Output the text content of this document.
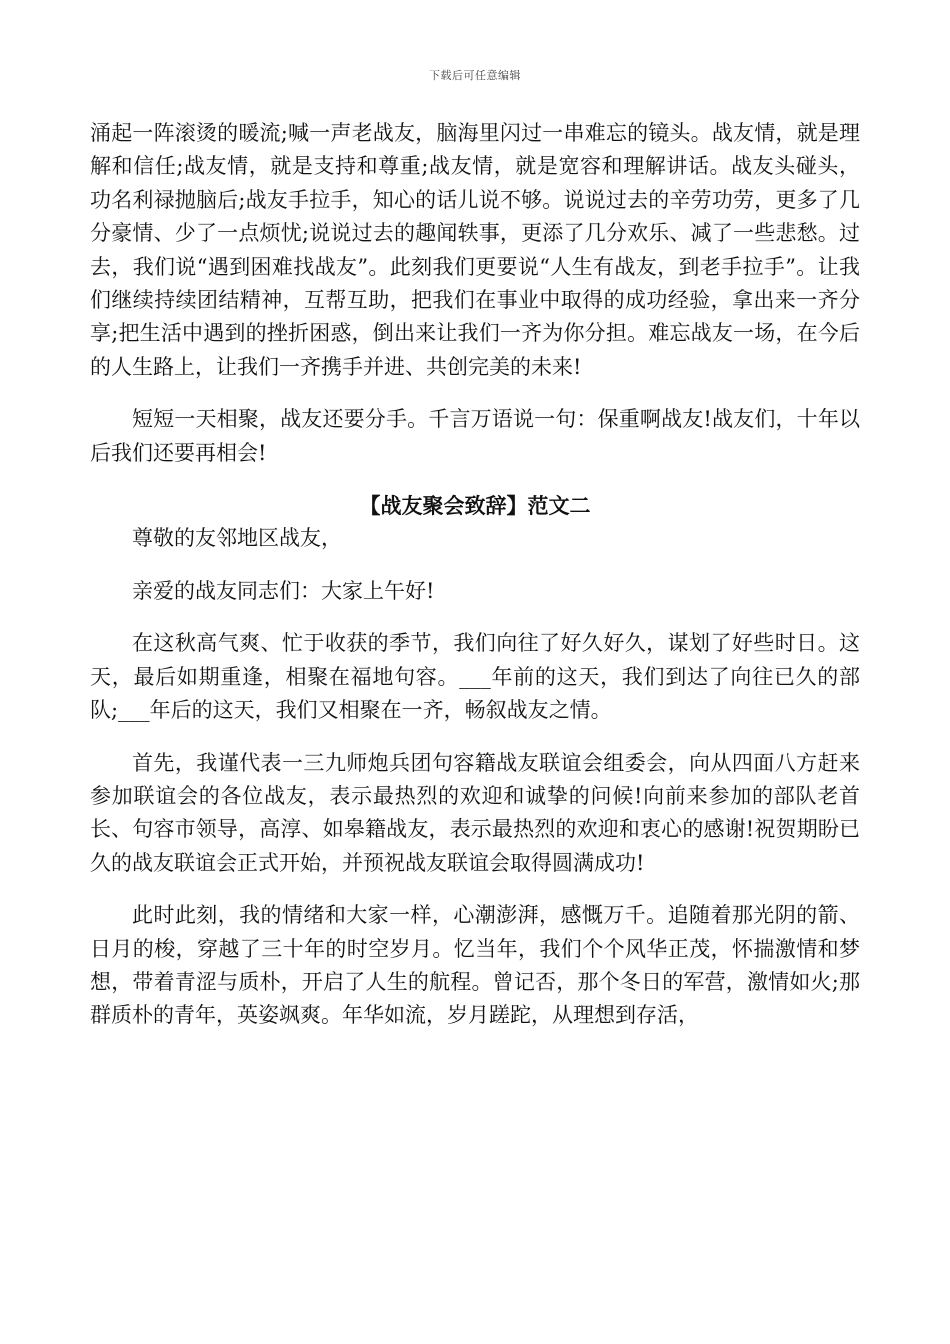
下载后可任意编辑

涌起一阵滚烫的暖流;喊一声老战友，脑海里闪过一串难忘的镜头。战友情，就是理解和信任;战友情，就是支持和尊重;战友情，就是宽容和理解讲话。战友头碰头，功名利禄抛脑后;战友手拉手，知心的话儿说不够。说说过去的辛劳功劳，更多了几分豪情、少了一点烦忧;说说过去的趣闻轶事，更添了几分欢乐、减了一些悲愁。过去，我们说“遇到困难找战友”。此刻我们更要说“人生有战友，到老手拉手”。让我们继续持续团结精神，互帮互助，把我们在事业中取得的成功经验，拿出来一齐分享;把生活中遇到的挫折困惑，倒出来让我们一齐为你分担。难忘战友一场，在今后的人生路上，让我们一齐携手并进、共创完美的未来!

短短一天相聚，战友还要分手。千言万语说一句：保重啊战友!战友们，十年以后我们还要再相会!

【战友聚会致辞】范文二

尊敬的友邻地区战友，

亲爱的战友同志们：大家上午好!

在这秋高气爽、忙于收获的季节，我们向往了好久好久，谋划了好些时日。这天，最后如期重逢，相聚在福地句容。___年前的这天，我们到达了向往已久的部队;___年后的这天，我们又相聚在一齐，畅叙战友之情。

首先，我谨代表一三九师炮兵团句容籍战友联谊会组委会，向从四面八方赶来参加联谊会的各位战友，表示最热烈的欢迎和诚挚的问候!向前来参加的部队老首长、句容市领导，高淳、如皋籍战友，表示最热烈的欢迎和衷心的感谢!祝贺期盼已久的战友联谊会正式开始，并预祝战友联谊会取得圆满成功!

此时此刻，我的情绪和大家一样，心潮澎湃，感慨万千。追随着那光阴的箭、日月的梭，穿越了三十年的时空岁月。忆当年，我们个个风华正茂，怀揣激情和梦想，带着青涩与质朴，开启了人生的航程。曾记否，那个冬日的军营，激情如火;那群质朴的青年，英姿飒爽。年华如流，岁月蹉跎，从理想到存活，
